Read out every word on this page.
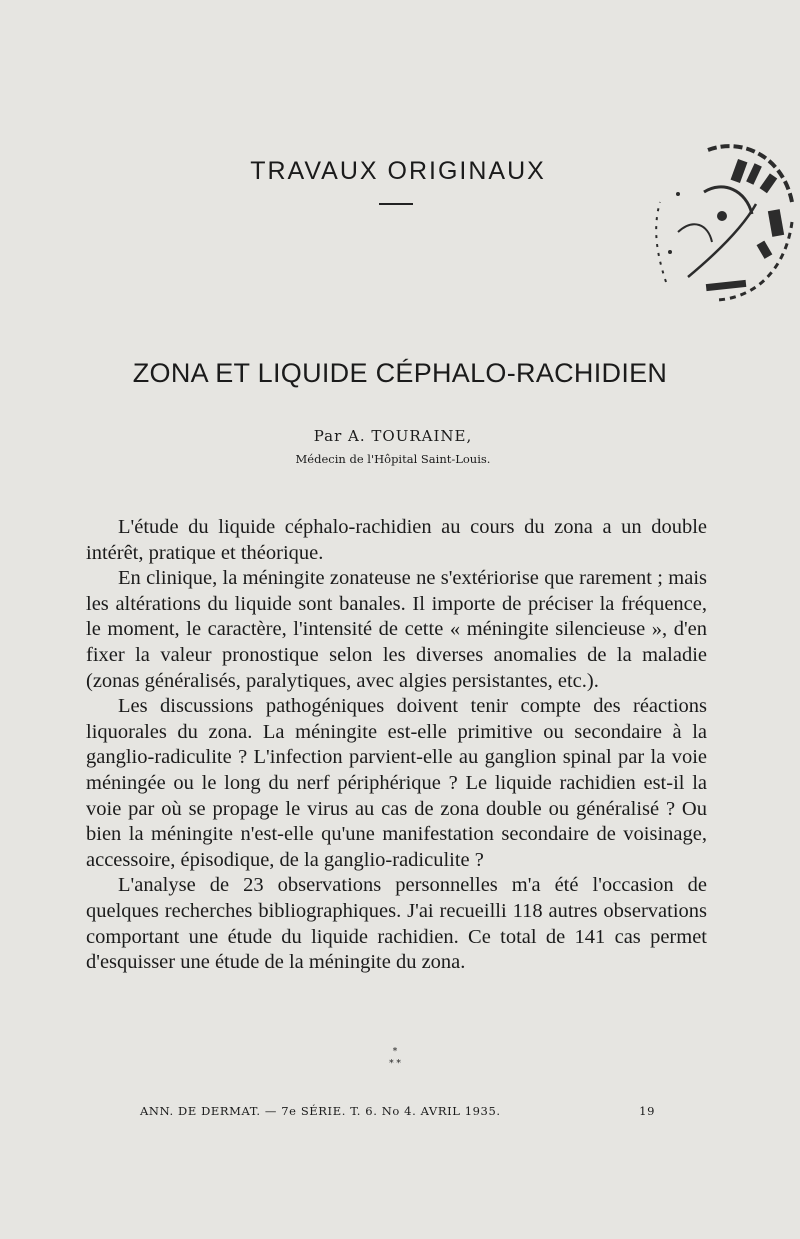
TRAVAUX ORIGINAUX
ZONA ET LIQUIDE CÉPHALO-RACHIDIEN
Par A. TOURAINE,
Médecin de l'Hôpital Saint-Louis.

L'étude du liquide céphalo-rachidien au cours du zona a un double intérêt, pratique et théorique.

En clinique, la méningite zonateuse ne s'extériorise que rarement ; mais les altérations du liquide sont banales. Il importe de préciser la fréquence, le moment, le caractère, l'intensité de cette « méningite silencieuse », d'en fixer la valeur pronostique selon les diverses anomalies de la maladie (zonas généralisés, paralytiques, avec algies persistantes, etc.).

Les discussions pathogéniques doivent tenir compte des réactions liquorales du zona. La méningite est-elle primitive ou secondaire à la ganglio-radiculite ? L'infection parvient-elle au ganglion spinal par la voie méningée ou le long du nerf périphérique ? Le liquide rachidien est-il la voie par où se propage le virus au cas de zona double ou généralisé ? Ou bien la méningite n'est-elle qu'une manifestation secondaire de voisinage, accessoire, épisodique, de la ganglio-radiculite ?

L'analyse de 23 observations personnelles m'a été l'occasion de quelques recherches bibliographiques. J'ai recueilli 118 autres observations comportant une étude du liquide rachidien. Ce total de 141 cas permet d'esquisser une étude de la méningite du zona.

*
* *
ANN. DE DERMAT. — 7e SÉRIE. T. 6. No 4. AVRIL 1935.	19
